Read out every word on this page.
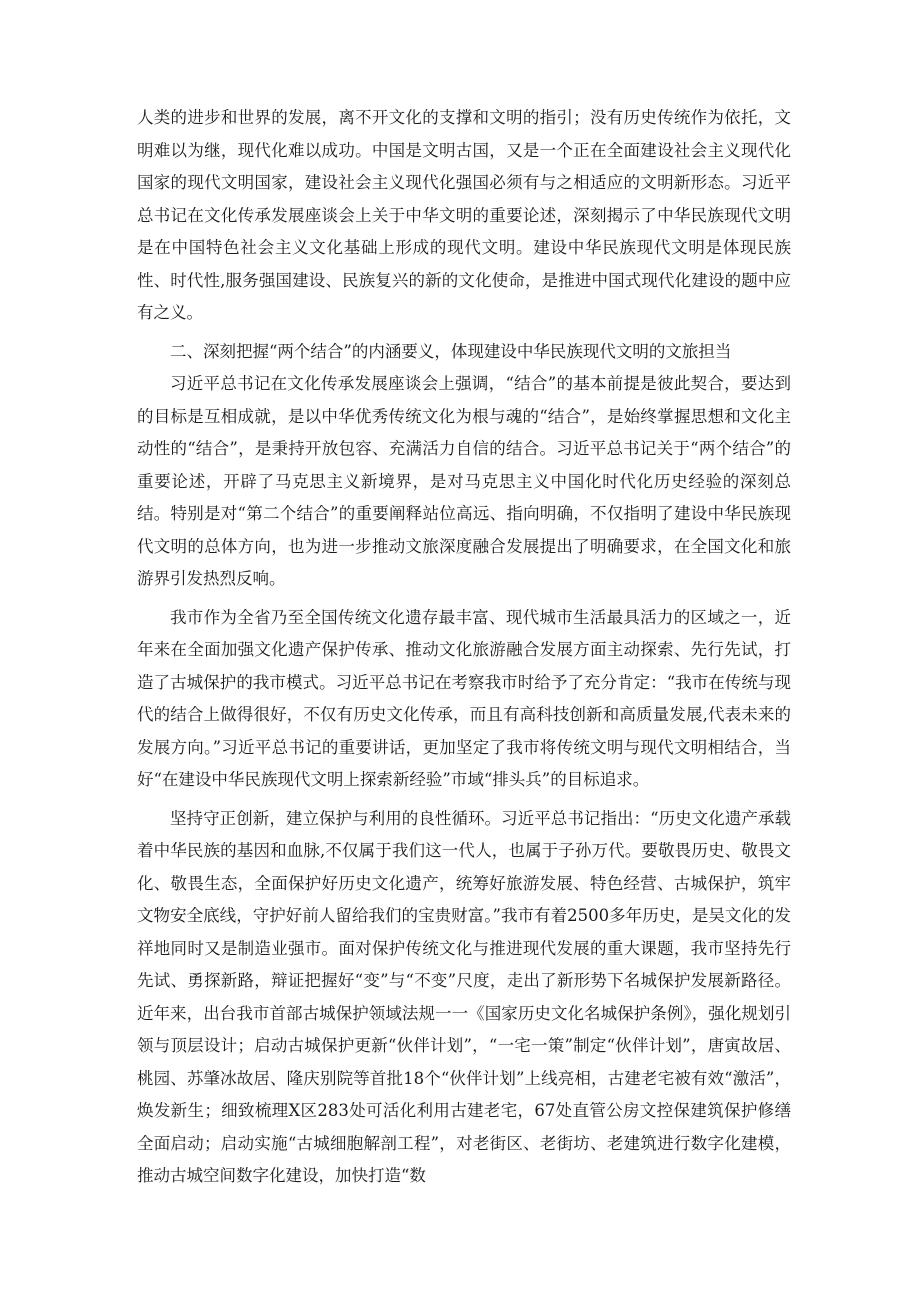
人类的进步和世界的发展，离不开文化的支撑和文明的指引；没有历史传统作为依托，文明难以为继，现代化难以成功。中国是文明古国，又是一个正在全面建设社会主义现代化国家的现代文明国家，建设社会主义现代化强国必须有与之相适应的文明新形态。习近平总书记在文化传承发展座谈会上关于中华文明的重要论述，深刻揭示了中华民族现代文明是在中国特色社会主义文化基础上形成的现代文明。建设中华民族现代文明是体现民族性、时代性,服务强国建设、民族复兴的新的文化使命，是推进中国式现代化建设的题中应有之义。

二、深刻把握“两个结合”的内涵要义，体现建设中华民族现代文明的文旅担当

习近平总书记在文化传承发展座谈会上强调，“结合”的基本前提是彼此契合，要达到的目标是互相成就，是以中华优秀传统文化为根与魂的“结合”，是始终掌握思想和文化主动性的“结合”，是秉持开放包容、充满活力自信的结合。习近平总书记关于“两个结合”的重要论述，开辟了马克思主义新境界，是对马克思主义中国化时代化历史经验的深刻总结。特别是对“第二个结合”的重要阐释站位高远、指向明确，不仅指明了建设中华民族现代文明的总体方向，也为进一步推动文旅深度融合发展提出了明确要求，在全国文化和旅游界引发热烈反响。

我市作为全省乃至全国传统文化遗存最丰富、现代城市生活最具活力的区域之一，近年来在全面加强文化遗产保护传承、推动文化旅游融合发展方面主动探索、先行先试，打造了古城保护的我市模式。习近平总书记在考察我市时给予了充分肯定：“我市在传统与现代的结合上做得很好，不仅有历史文化传承，而且有高科技创新和高质量发展,代表未来的发展方向。”习近平总书记的重要讲话，更加坚定了我市将传统文明与现代文明相结合，当好“在建设中华民族现代文明上探索新经验”市域“排头兵”的目标追求。

坚持守正创新，建立保护与利用的良性循环。习近平总书记指出：“历史文化遗产承载着中华民族的基因和血脉,不仅属于我们这一代人，也属于子孙万代。要敬畏历史、敬畏文化、敬畏生态，全面保护好历史文化遗产，统筹好旅游发展、特色经营、古城保护，筑牢文物安全底线，守护好前人留给我们的宝贵财富。”我市有着2500多年历史，是吴文化的发祥地同时又是制造业强市。面对保护传统文化与推进现代发展的重大课题，我市坚持先行先试、勇探新路，辩证把握好“变”与“不变”尺度，走出了新形势下名城保护发展新路径。近年来，出台我市首部古城保护领域法规一一《国家历史文化名城保护条例》，强化规划引领与顶层设计；启动古城保护更新“伙伴计划”，“一宅一策”制定“伙伴计划”，唐寅故居、桃园、苏肇冰故居、隆庆别院等首批18个“伙伴计划”上线亮相，古建老宅被有效“激活”，焕发新生；细致梳理X区283处可活化利用古建老宅，67处直管公房文控保建筑保护修缮全面启动；启动实施“古城细胞解剖工程”，对老街区、老街坊、老建筑进行数字化建模，推动古城空间数字化建设，加快打造“数
